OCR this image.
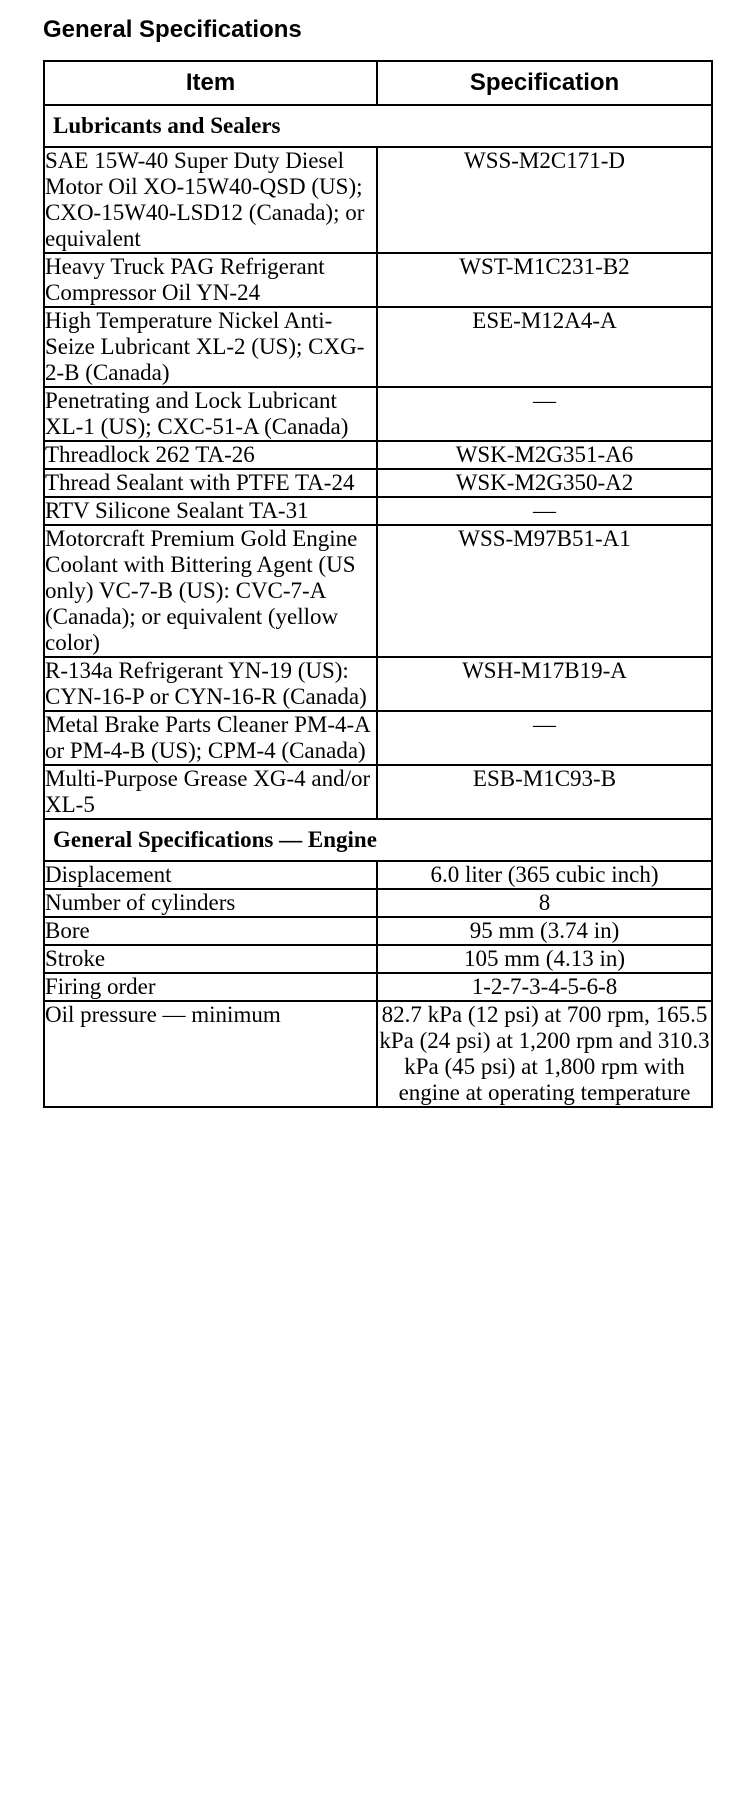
General Specifications
Item	Specification
Lubricants and Sealers	
SAE 15W-40 Super Duty Diesel Motor Oil XO-15W40-QSD (US); CXO-15W40-LSD12 (Canada); or equivalent	WSS-M2C171-D
Heavy Truck PAG Refrigerant Compressor Oil YN-24	WST-M1C231-B2
High Temperature Nickel Anti-Seize Lubricant XL-2 (US); CXG-2-B (Canada)	ESE-M12A4-A
Penetrating and Lock Lubricant XL-1 (US); CXC-51-A (Canada)	—
Threadlock 262 TA-26	WSK-M2G351-A6
Thread Sealant with PTFE TA-24	WSK-M2G350-A2
RTV Silicone Sealant TA-31	—
Motorcraft Premium Gold Engine Coolant with Bittering Agent (US only) VC-7-B (US): CVC-7-A (Canada); or equivalent (yellow color)	WSS-M97B51-A1
R-134a Refrigerant YN-19 (US): CYN-16-P or CYN-16-R (Canada)	WSH-M17B19-A
Metal Brake Parts Cleaner PM-4-A or PM-4-B (US); CPM-4 (Canada)	—
Multi-Purpose Grease XG-4 and/or XL-5	ESB-M1C93-B
General Specifications — Engine	
Displacement	6.0 liter (365 cubic inch)
Number of cylinders	8
Bore	95 mm (3.74 in)
Stroke	105 mm (4.13 in)
Firing order	1-2-7-3-4-5-6-8
Oil pressure — minimum	82.7 kPa (12 psi) at 700 rpm, 165.5 kPa (24 psi) at 1,200 rpm and 310.3 kPa (45 psi) at 1,800 rpm with engine at operating temperature
